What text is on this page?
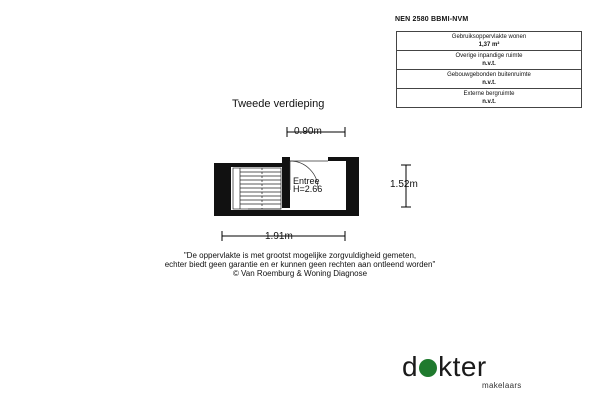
NEN 2580 BBMI-NVM
Gebruiksoppervlakte wonen
1,37 m²
Overige inpandige ruimte
n.v.t.
Gebouwgebonden buitenruimte
n.v.t.
Externe bergruimte
n.v.t.
Tweede verdieping
0.90m
1.52m
1.91m
Entree
H=2.66
"De oppervlakte is met grootst mogelijke zorgvuldigheid gemeten,
echter biedt geen garantie en er kunnen geen rechten aan ontleend worden"
© Van Roemburg & Woning Diagnose
d kter
makelaars
